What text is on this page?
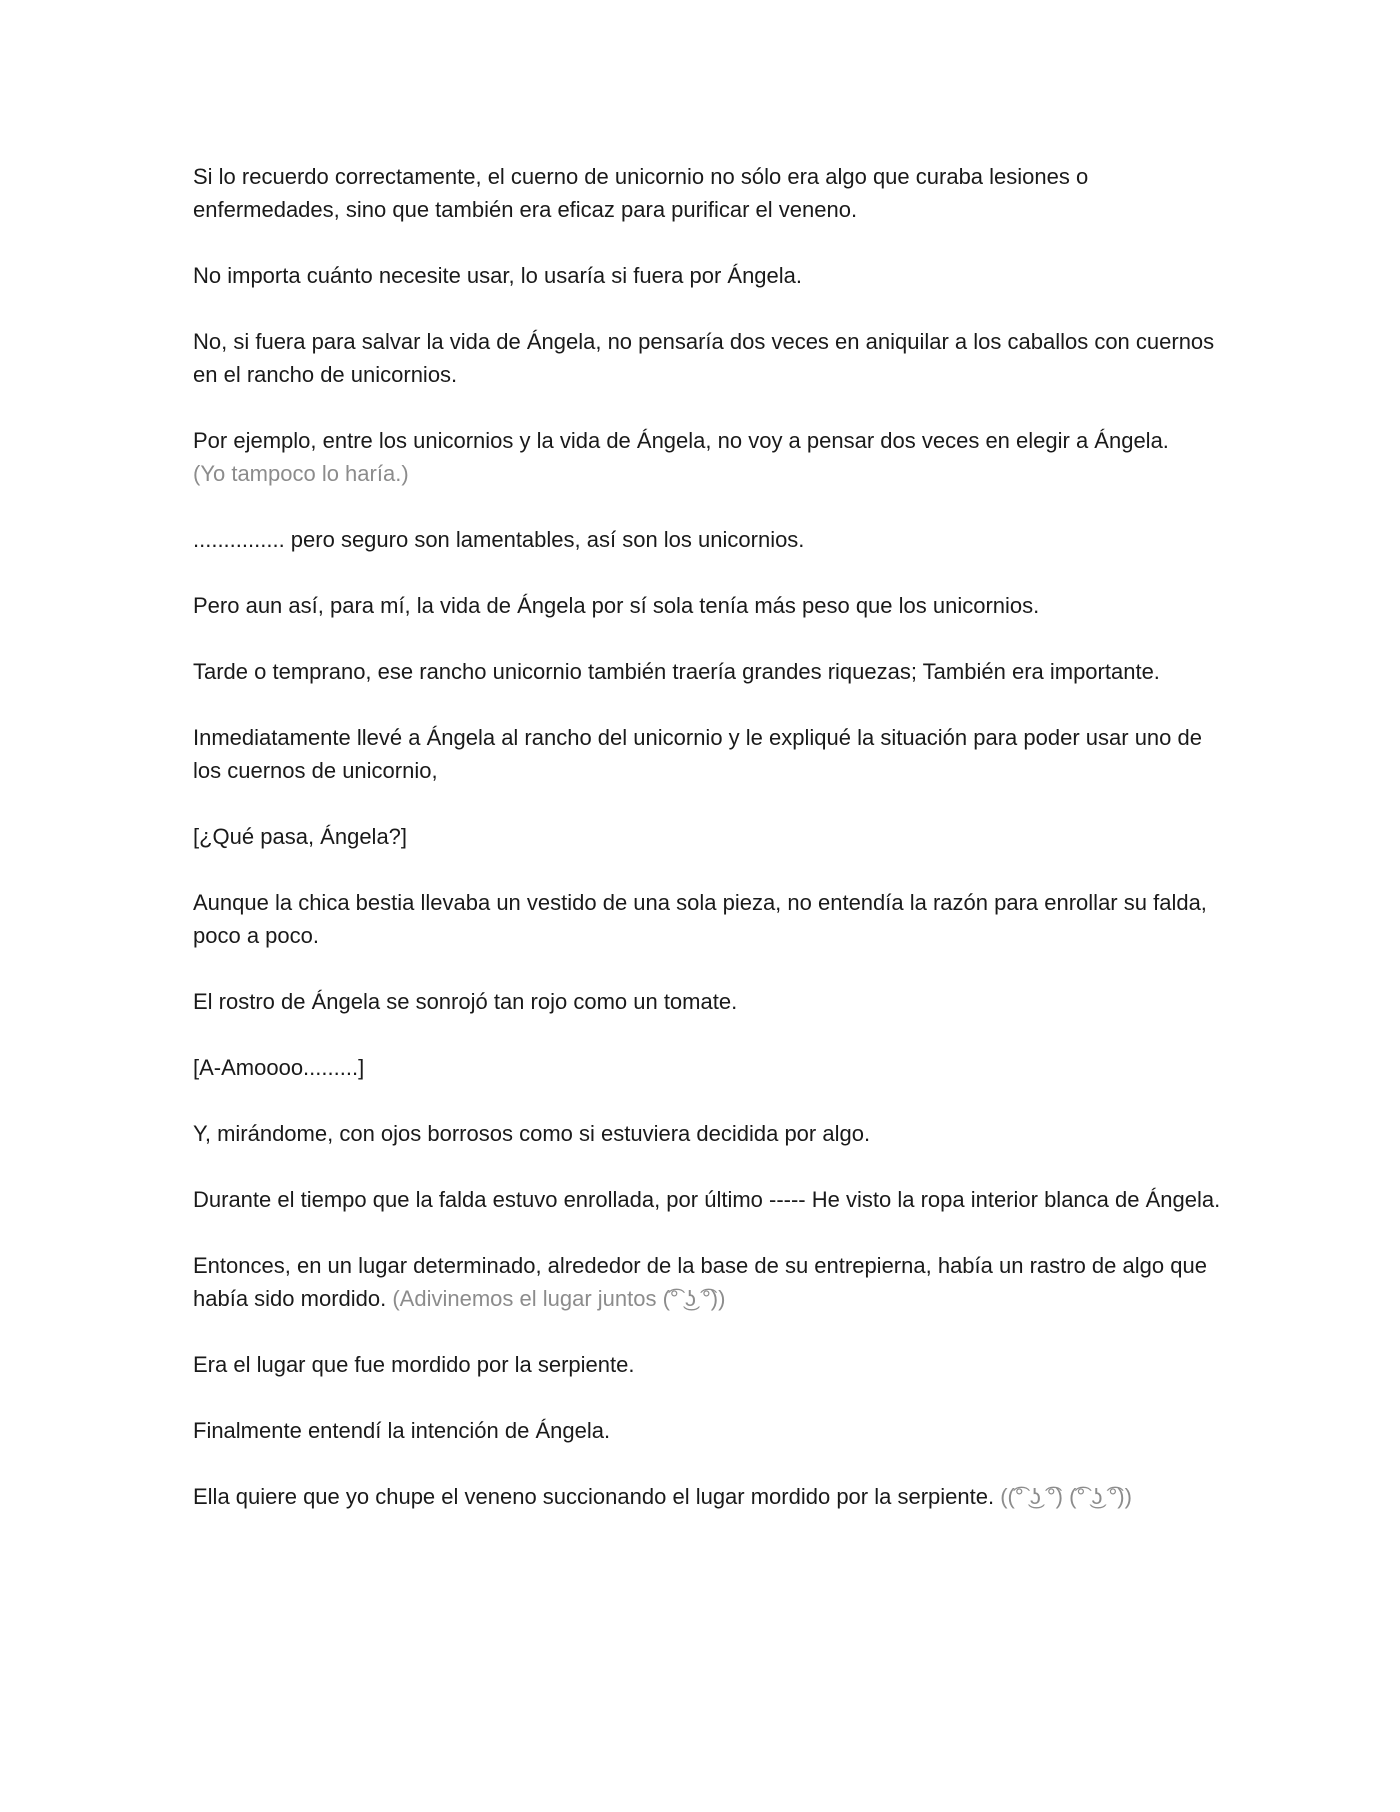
Si lo recuerdo correctamente, el cuerno de unicornio no sólo era algo que curaba lesiones o enfermedades, sino que también era eficaz para purificar el veneno.

No importa cuánto necesite usar, lo usaría si fuera por Ángela.

No, si fuera para salvar la vida de Ángela, no pensaría dos veces en aniquilar a los caballos con cuernos en el rancho de unicornios.

Por ejemplo, entre los unicornios y la vida de Ángela, no voy a pensar dos veces en elegir a Ángela.
(Yo tampoco lo haría.)

............... pero seguro son lamentables, así son los unicornios.

Pero aun así, para mí, la vida de Ángela por sí sola tenía más peso que los unicornios.

Tarde o temprano, ese rancho unicornio también traería grandes riquezas; También era importante.

Inmediatamente llevé a Ángela al rancho del unicornio y le expliqué la situación para poder usar uno de los cuernos de unicornio,

[¿Qué pasa, Ángela?]

Aunque la chica bestia llevaba un vestido de una sola pieza, no entendía la razón para enrollar su falda, poco a poco.

El rostro de Ángela se sonrojó tan rojo como un tomate.

[A-Amoooo.........]

Y, mirándome, con ojos borrosos como si estuviera decidida por algo.

Durante el tiempo que la falda estuvo enrollada, por último ----- He visto la ropa interior blanca de Ángela.

Entonces, en un lugar determinado, alrededor de la base de su entrepierna, había un rastro de algo que había sido mordido. (Adivinemos el lugar juntos (͡° ͜ʖ ͡°))

Era el lugar que fue mordido por la serpiente.

Finalmente entendí la intención de Ángela.

Ella quiere que yo chupe el veneno succionando el lugar mordido por la serpiente. ((͡° ͜ʖ ͡°) (͡° ͜ʖ ͡°))
